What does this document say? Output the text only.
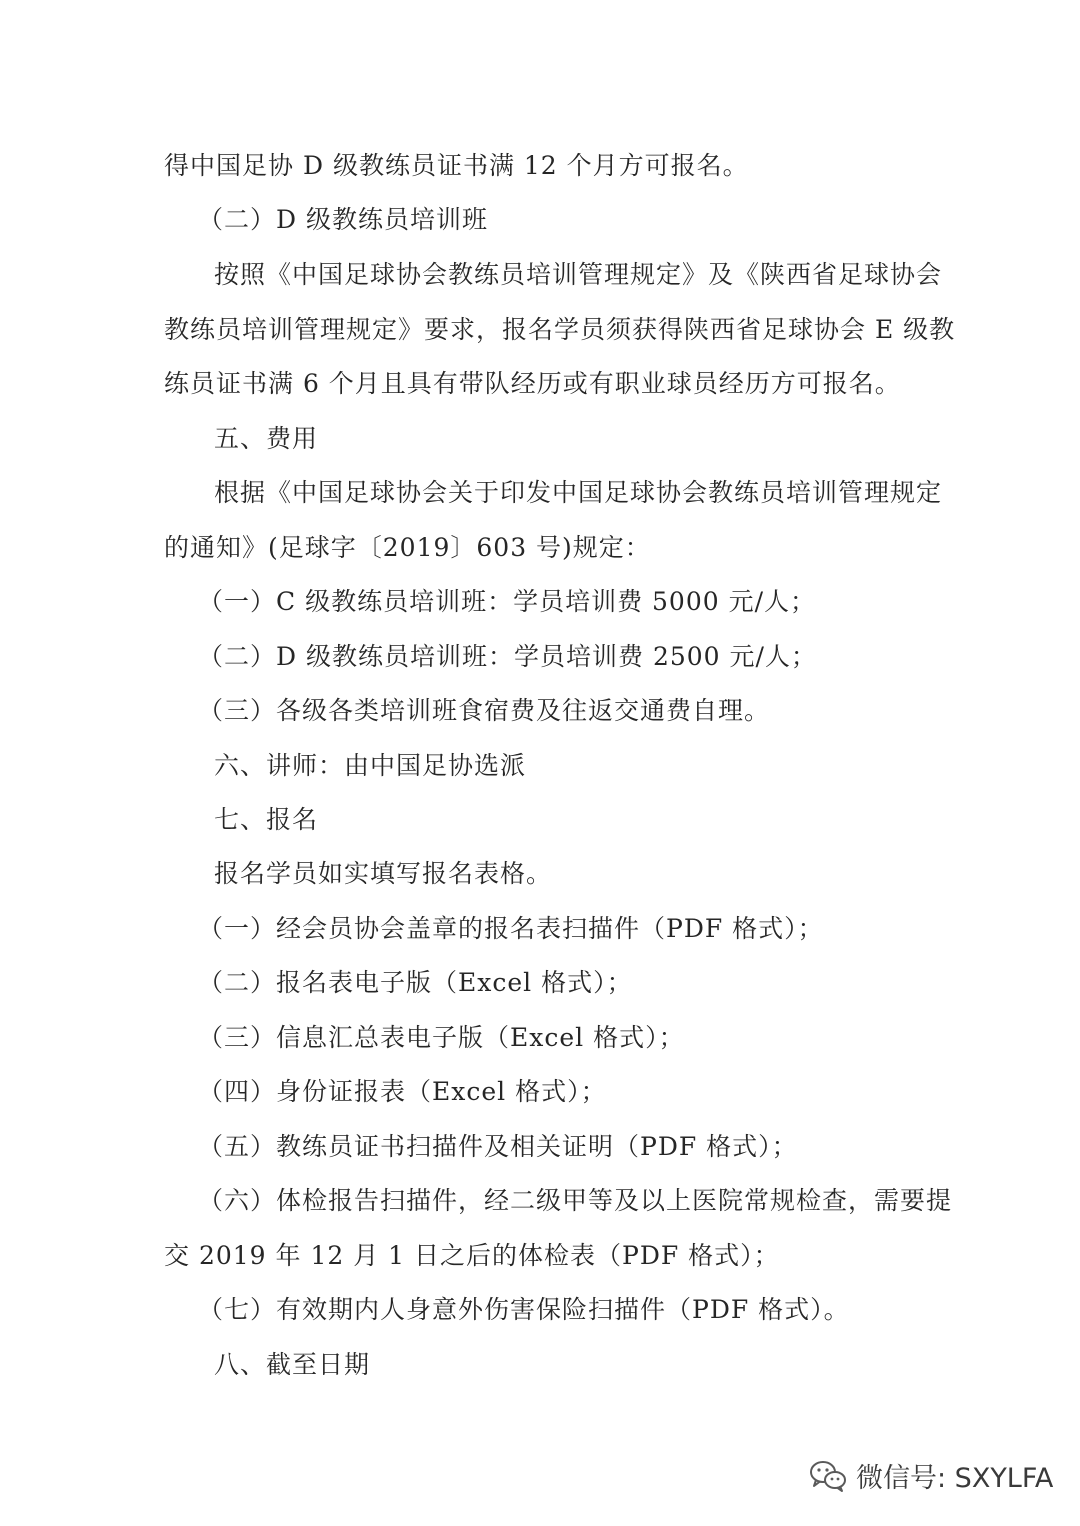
得中国足协 D 级教练员证书满 12 个月方可报名。
（二）D 级教练员培训班
按照《中国足球协会教练员培训管理规定》及《陕西省足球协会
教练员培训管理规定》要求，报名学员须获得陕西省足球协会 E 级教
练员证书满 6 个月且具有带队经历或有职业球员经历方可报名。
五、费用
根据《中国足球协会关于印发中国足球协会教练员培训管理规定
的通知》(足球字〔2019〕603 号)规定：
（一）C 级教练员培训班：学员培训费 5000 元/人；
（二）D 级教练员培训班：学员培训费 2500 元/人；
（三）各级各类培训班食宿费及往返交通费自理。
六、讲师：由中国足协选派
七、报名
报名学员如实填写报名表格。
（一）经会员协会盖章的报名表扫描件（PDF 格式）；
（二）报名表电子版（Excel 格式）；
（三）信息汇总表电子版（Excel 格式）；
（四）身份证报表（Excel 格式）；
（五）教练员证书扫描件及相关证明（PDF 格式）；
（六）体检报告扫描件，经二级甲等及以上医院常规检查，需要提
交 2019 年 12 月 1 日之后的体检表（PDF 格式）；
（七）有效期内人身意外伤害保险扫描件（PDF 格式）。
八、截至日期
微信号: SXYLFA
